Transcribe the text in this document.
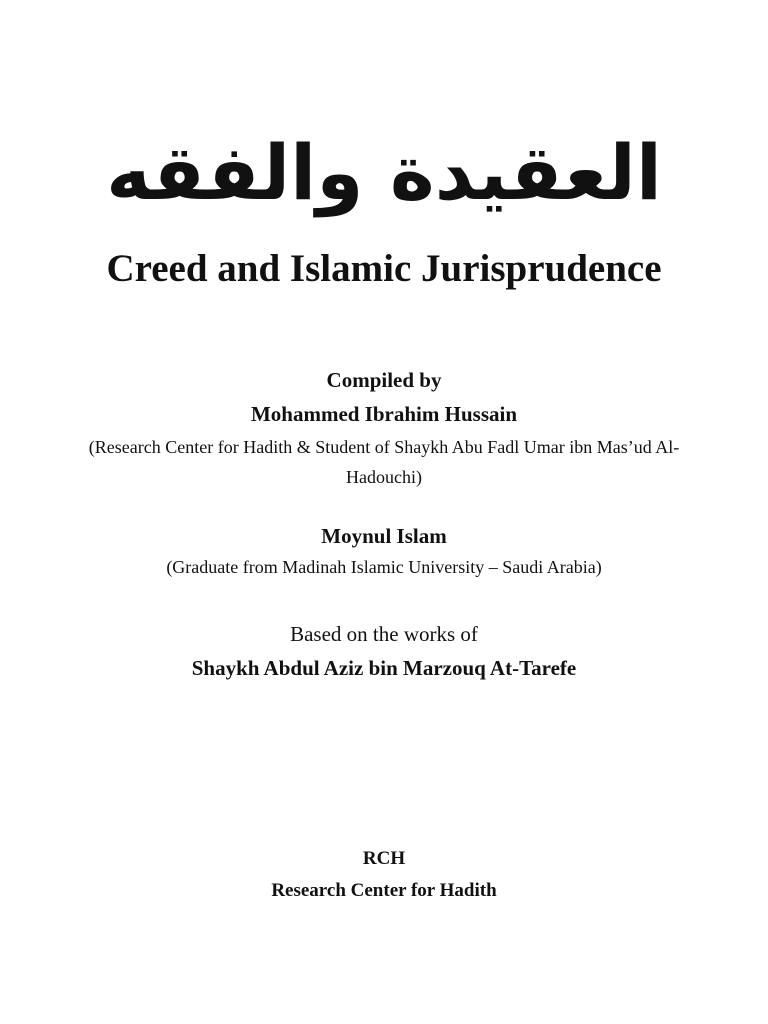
العقيدة والفقه
Creed and Islamic Jurisprudence
Compiled by
Mohammed Ibrahim Hussain
(Research Center for Hadith & Student of Shaykh Abu Fadl Umar ibn Mas’ud Al-Hadouchi)
Moynul Islam
(Graduate from Madinah Islamic University – Saudi Arabia)
Based on the works of
Shaykh Abdul Aziz bin Marzouq At-Tarefe
RCH
Research Center for Hadith
